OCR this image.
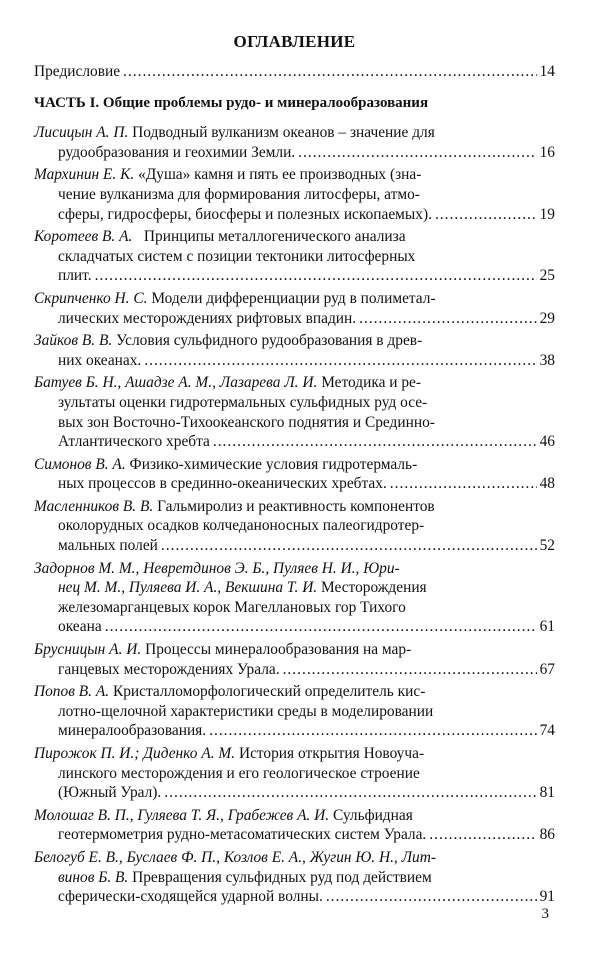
ОГЛАВЛЕНИЕ
Предисловие .....	14
ЧАСТЬ I. Общие проблемы рудо- и минералообразования
Лисицын А. П. Подводный вулканизм океанов – значение для
рудообразования и геохимии Земли. .....	16
Мархинин Е. К.
«Душа» камня и пять ее производных (зна-
чение вулканизма для формирования литосферы, атмо-
сферы, гидросферы, биосферы и полезных ископаемых). .....	19
Коротеев В. А.
Принципы металлогенического анализа
складчатых систем с позиции тектоники литосферных
плит. .....	25
Скрипченко Н. С.
Модели дифференциации руд в полиметал-
лических месторождениях рифтовых впадин. .....	29
Зайков В. В.
Условия сульфидного рудообразования в древ-
них океанах. .....	38
Батуев Б. Н., Ашадзе А. М., Лазарева Л. И.
Методика и ре-
зультаты оценки гидротермальных сульфидных руд осе-
вых зон Восточно-Тихоокеанского поднятия и Срединно-
Атлантического хребта .....	46
Симонов В. А.
Физико-химические условия гидротермаль-
ных процессов в срединно-океанических хребтах. .....	48
Масленников В. В.
Гальмиролиз и реактивность компонентов
околорудных осадков колчеданоносных палеогидротер-
мальных полей .....	52
Задорнов М. М., Невретдинов Э. Б., Пуляев Н. И., Юри-
нец М. М., Пуляева И. А., Векшина Т. И.
Месторождения
железомарганцевых корок Магеллановых гор Тихого
океана .....	61
Брусницын А. И.
Процессы минералообразования на мар-
ганцевых месторождениях Урала. .....	67
Попов В. А.
Кристалломорфологический определитель кис-
лотно-щелочной характеристики среды в моделировании
минералообразования. .....	74
Пирожок П. И.; Диденко А. М.
История открытия Новоуча-
линского месторождения и его геологическое строение
(Южный Урал). .....	81
Молошаг В. П., Гуляева Т. Я., Грабежев А. И.
Сульфидная
геотермометрия рудно-метасоматических систем Урала. .....	86
Белогуб Е. В., Буслаев Ф. П., Козлов Е. А., Жугин Ю. Н., Лит-
винов Б. В.
Превращения сульфидных руд под действием
сферически-сходящейся ударной волны. .....	91
3
